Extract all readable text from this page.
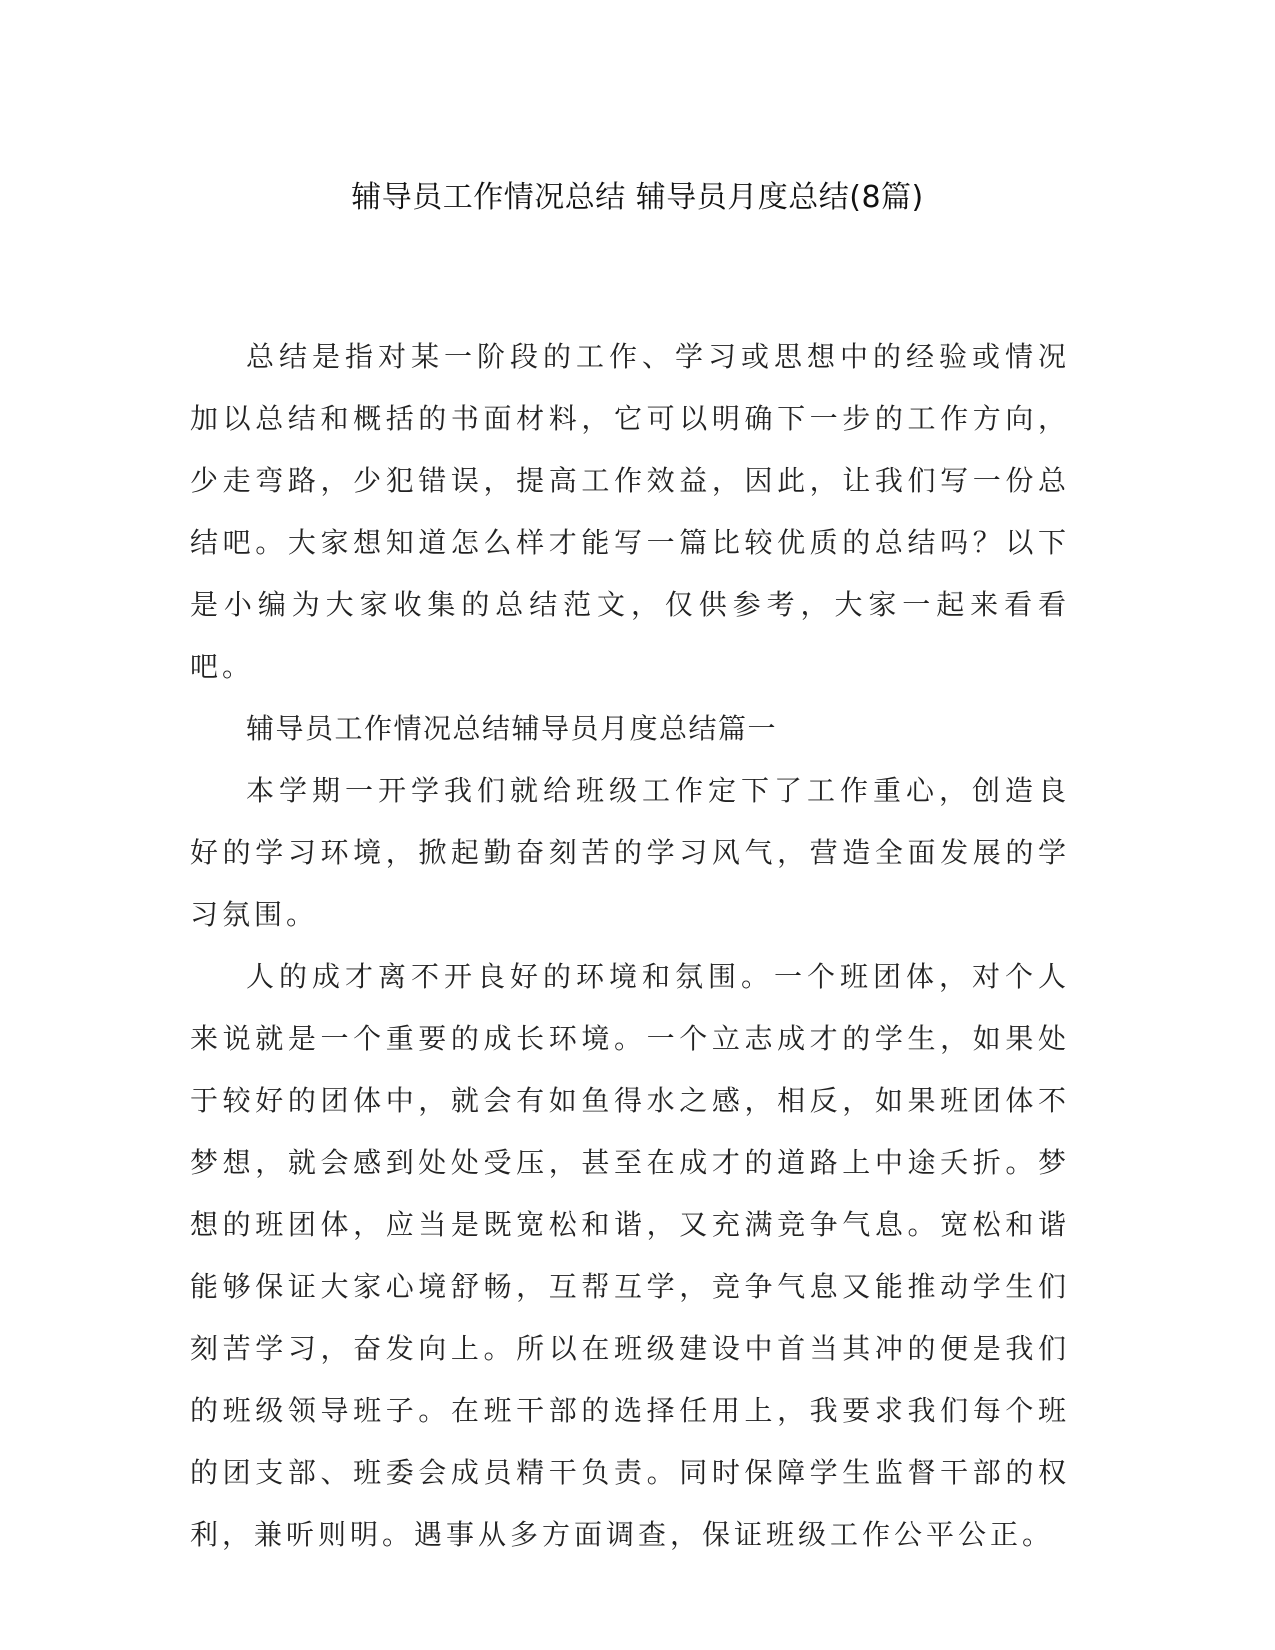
辅导员工作情况总结 辅导员月度总结(8篇)

总结是指对某一阶段的工作、学习或思想中的经验或情况加以总结和概括的书面材料，它可以明确下一步的工作方向，少走弯路，少犯错误，提高工作效益，因此，让我们写一份总结吧。大家想知道怎么样才能写一篇比较优质的总结吗？以下是小编为大家收集的总结范文，仅供参考，大家一起来看看吧。

辅导员工作情况总结辅导员月度总结篇一

本学期一开学我们就给班级工作定下了工作重心，创造良好的学习环境，掀起勤奋刻苦的学习风气，营造全面发展的学习氛围。

人的成才离不开良好的环境和氛围。一个班团体，对个人来说就是一个重要的成长环境。一个立志成才的学生，如果处于较好的团体中，就会有如鱼得水之感，相反，如果班团体不梦想，就会感到处处受压，甚至在成才的道路上中途夭折。梦想的班团体，应当是既宽松和谐，又充满竞争气息。宽松和谐能够保证大家心境舒畅，互帮互学，竞争气息又能推动学生们刻苦学习，奋发向上。所以在班级建设中首当其冲的便是我们的班级领导班子。在班干部的选择任用上，我要求我们每个班的团支部、班委会成员精干负责。同时保障学生监督干部的权利，兼听则明。遇事从多方面调查，保证班级工作公平公正。
